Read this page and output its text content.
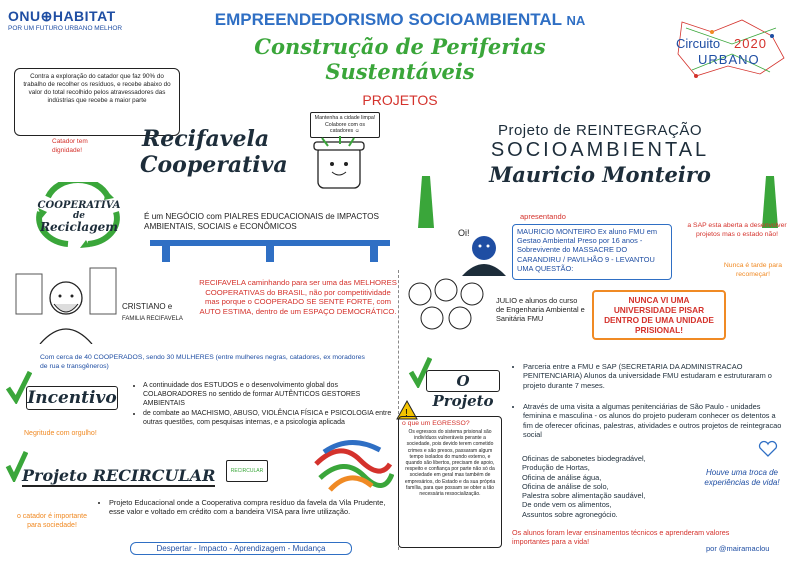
ONU⊕HABITAT
POR UM FUTURO URBANO MELHOR	EMPREENDEDORISMO SOCIOAMBIENTAL NA
Construção de Periferias Sustentáveis
PROJETOS
Circuito 2020
URBANO
Contra a exploração do catador que faz 90% do trabalho de recolher os resíduos, e recebe abaixo do valor do total recolhido pelos atravessadores das indústrias que recebe a maior parte
Catador tem dignidade!
Mantenha a cidade limpa! Colabore com os catadores ☺
Recifavela
Cooperativa
COOPERATIVA
de
Reciclagem
É um NEGÓCIO com PIALRES EDUCACIONAIS de IMPACTOS AMBIENTAIS, SOCIAIS e ECONÔMICOS
CRISTIANO e
FAMILIA RECIFAVELA
RECIFAVELA caminhando para ser uma das MELHORES COOPERATIVAS do BRASIL, não por competitividade mas porque o COOPERADO SE SENTE FORTE, com AUTO ESTIMA, dentro de um ESPAÇO DEMOCRÁTICO.
Com cerca de 40 COOPERADOS, sendo 30 MULHERES (entre mulheres negras, catadores, ex moradores de rua e transgêneros)
Incentivo
• A continuidade dos ESTUDOS e o desenvolvimento global dos COLABORADORES no sentido de formar AUTÊNTICOS GESTORES AMBIENTAIS
• de combate ao MACHISMO, ABUSO, VIOLÊNCIA FÍSICA e PSICOLOGIA entre outras questões, com pesquisas internas, e a psicologia aplicada
Negritude com orgulho!
Projeto RECIRCULAR	RECIRCULAR
• Projeto Educacional onde a Cooperativa compra resíduo da favela da Vila Prudente, esse valor e voltado em crédito com a bandeira VISA para livre utilização.
o catador é importante para sociedade!
Despertar - Impacto - Aprendizagem - Mudança
Projeto de REINTEGRAÇÃO
SOCIOAMBIENTAL
Mauricio Monteiro
Oi!
apresentando
MAURICIO MONTEIRO Ex aluno FMU em Gestao Ambiental Preso por 16 anos - Sobrevivente do MASSACRE DO CARANDIRU / PAVILHÃO 9 - LEVANTOU UMA QUESTÃO:
a SAP esta aberta a desenvolver projetos mas o estado não!
Nunca é tarde para recomeçar!
JULIO e alunos do curso de Engenharia Ambiental e Sanitária FMU
NUNCA VI UMA UNIVERSIDADE PISAR DENTRO DE UMA UNIDADE PRISIONAL!
O Projeto
• Parceria entre a FMU e SAP (SECRETARIA DA ADMINISTRACAO PENITENCIARIA) Alunos da universidade FMU estudaram e estruturaram o projeto durante 7 meses.
• Através de uma visita a algumas penitenciárias de São Paulo - unidades feminina e masculina - os alunos do projeto puderam conhecer os detentos a fim de oferecer oficinas, palestras, atividades e outros projetos de reintegracao social
!
o que um EGRESSO?
Os egressos do sistema prisional são indivíduos vulneráveis perante a sociedade, pois devido terem cometido crimes e são presos, passaram algum tempo isolados do mundo externo, e quando são libertos, precisam de apoio, respeito e confiança por parte não só da sociedade em geral mas também de empresários, do Estado e da sua própria família, para que possam se obter a tão necessária ressocialização.
Oficinas de sabonetes biodegradável,
Produção de Hortas,
Oficina de análise água,
Oficina de análise de solo,
Palestra sobre alimentação saudável,
De onde vem os alimentos,
Assuntos sobre agronegócio.
Os alunos foram levar ensinamentos técnicos e aprenderam valores importantes para a vida!
Houve uma troca de experiências de vida!
por @mairamaclou
